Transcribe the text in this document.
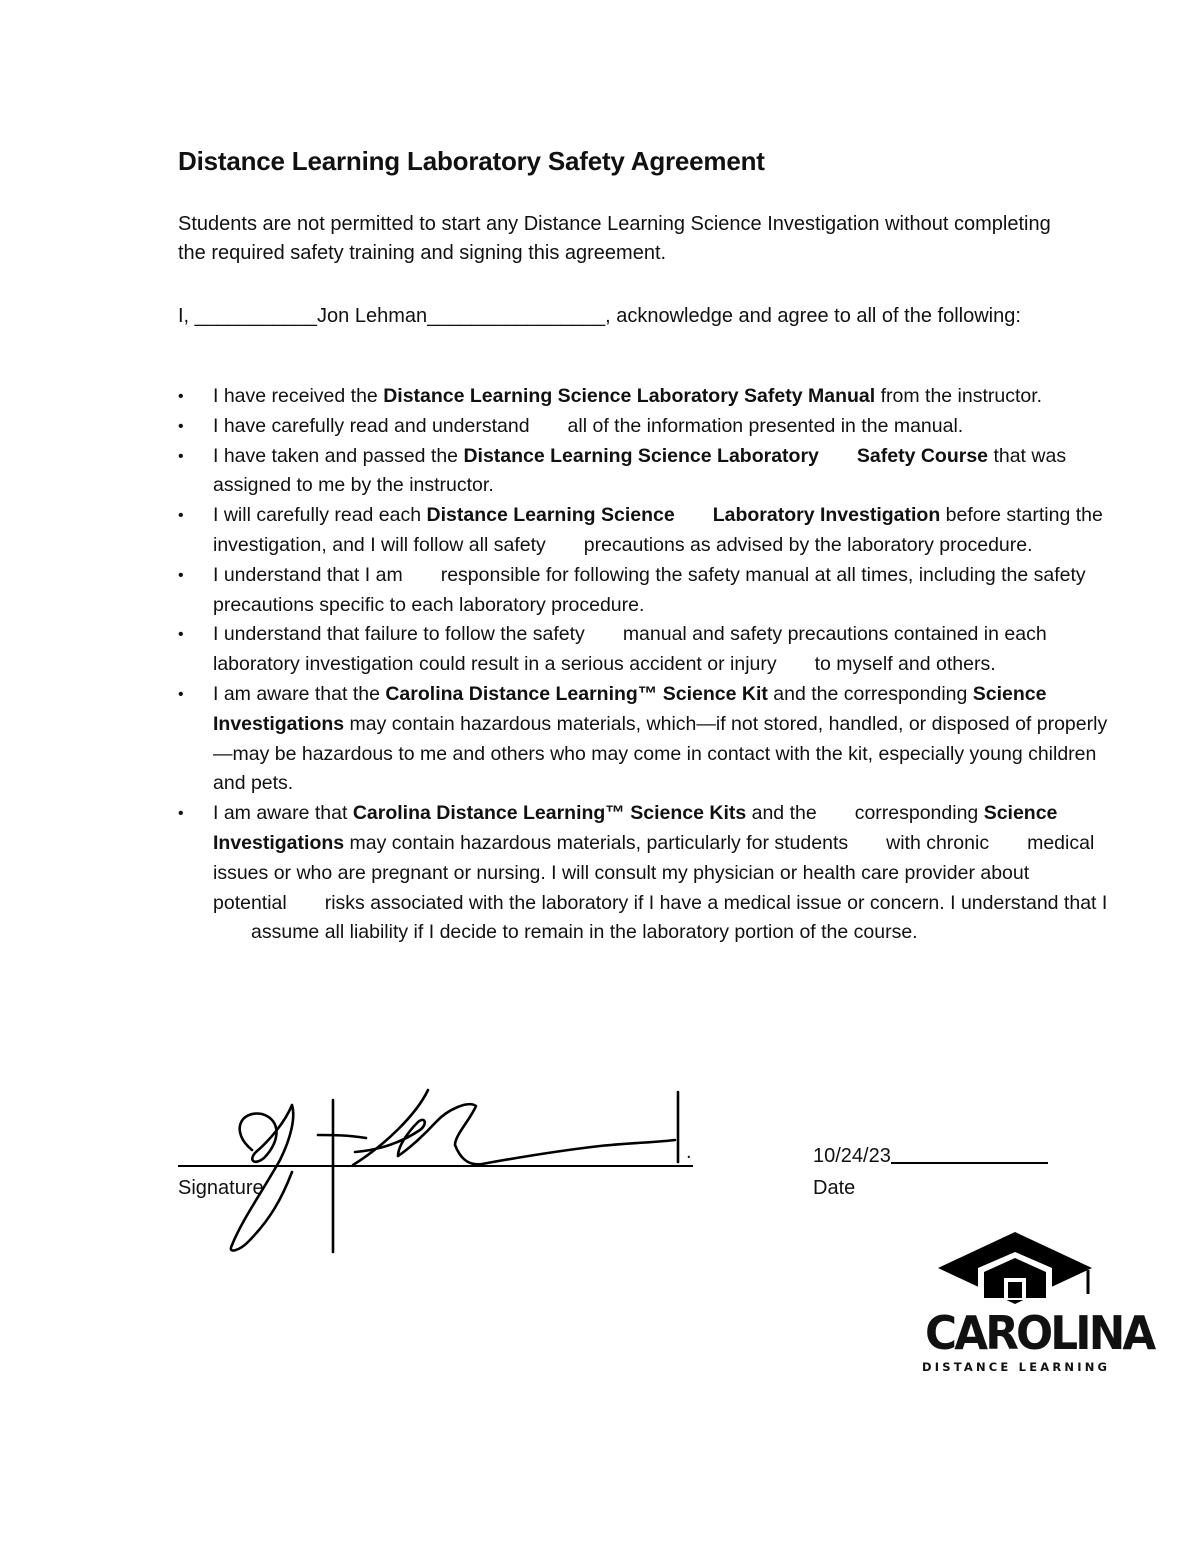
Distance Learning Laboratory Safety Agreement
Students are not permitted to start any Distance Learning Science Investigation without completing the required safety training and signing this agreement.
I, ___________Jon Lehman________________, acknowledge and agree to all of the following:
• I have received the Distance Learning Science Laboratory Safety Manual from the instructor.
• I have carefully read and understand all of the information presented in the manual.
• I have taken and passed the Distance Learning Science Laboratory Safety Course that was assigned to me by the instructor.
• I will carefully read each Distance Learning Science Laboratory Investigation before starting the investigation, and I will follow all safety precautions as advised by the laboratory procedure.
• I understand that I am responsible for following the safety manual at all times, including the safety precautions specific to each laboratory procedure.
• I understand that failure to follow the safety manual and safety precautions contained in each laboratory investigation could result in a serious accident or injury to myself and others.
• I am aware that the Carolina Distance Learning™ Science Kit and the corresponding Science Investigations may contain hazardous materials, which—if not stored, handled, or disposed of properly—may be hazardous to me and others who may come in contact with the kit, especially young children and pets.
• I am aware that Carolina Distance Learning™ Science Kits and the corresponding Science Investigations may contain hazardous materials, particularly for students with chronic medical issues or who are pregnant or nursing. I will consult my physician or health care provider about potential risks associated with the laboratory if I have a medical issue or concern. I understand that Iassume all liability if I decide to remain in the laboratory portion of the course.
.
Signature
10/24/23
Date
CAROLINA
DISTANCE LEARNING
